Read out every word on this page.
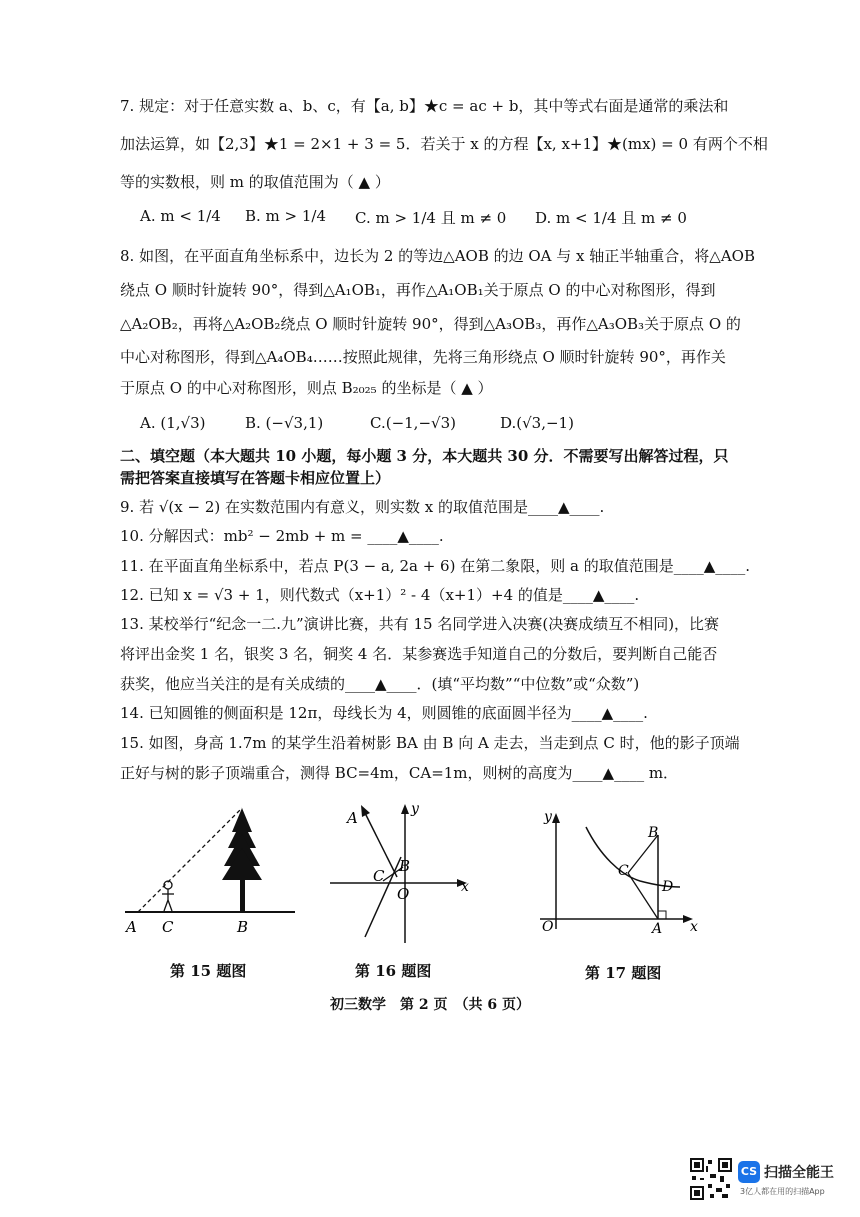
7. 规定：对于任意实数 a、b、c，有【a, b】★c = ac + b，其中等式右面是通常的乘法和
加法运算，如【2,3】★1 = 2×1 + 3 = 5．若关于 x 的方程【x, x+1】★(mx) = 0 有两个不相
等的实数根，则 m 的取值范围为（ ▲ ）
A. m < 1/4 B. m > 1/4 C. m > 1/4 且 m ≠ 0 D. m < 1/4 且 m ≠ 0
8. 如图，在平面直角坐标系中，边长为 2 的等边△AOB 的边 OA 与 x 轴正半轴重合，将△AOB
绕点 O 顺时针旋转 90°，得到△A₁OB₁，再作△A₁OB₁关于原点 O 的中心对称图形，得到
△A₂OB₂，再将△A₂OB₂绕点 O 顺时针旋转 90°，得到△A₃OB₃，再作△A₃OB₃关于原点 O 的
中心对称图形，得到△A₄OB₄……按照此规律，先将三角形绕点 O 顺时针旋转 90°，再作关
于原点 O 的中心对称图形，则点 B₂₀₂₅ 的坐标是（ ▲ ）
A. (1,√3)	B. (−√3,1)	C.(−1,−√3)	D.(√3,−1)
二、填空题（本大题共 10 小题，每小题 3 分，本大题共 30 分．不需要写出解答过程，只
需把答案直接填写在答题卡相应位置上）
9. 若 √(x − 2) 在实数范围内有意义，则实数 x 的取值范围是____▲____.
10. 分解因式：mb² − 2mb + m = ____▲____.
11. 在平面直角坐标系中，若点 P(3 − a, 2a + 6) 在第二象限，则 a 的取值范围是____▲____.
12. 已知 x = √3 + 1，则代数式（x+1）² - 4（x+1）+4 的值是____▲____.
13. 某校举行“纪念一二.九”演讲比赛，共有 15 名同学进入决赛(决赛成绩互不相同)，比赛
将评出金奖 1 名，银奖 3 名，铜奖 4 名．某参赛选手知道自己的分数后，要判断自己能否
获奖，他应当关注的是有关成绩的____▲____．(填“平均数”“中位数”或“众数”)
14. 已知圆锥的侧面积是 12π，母线长为 4，则圆锥的底面圆半径为____▲____.
15. 如图，身高 1.7m 的某学生沿着树影 BA 由 B 向 A 走去，当走到点 C 时，他的影子顶端
正好与树的影子顶端重合，测得 BC=4m，CA=1m，则树的高度为____▲____ m．
A C	B
第 15 题图
A	y
B
C
O	x
第 16 题图
y
B
C
D
O	A x
第 17 题图
初三数学　第 2 页　（共 6 页）
CS 扫描全能王
3亿人都在用的扫描App
